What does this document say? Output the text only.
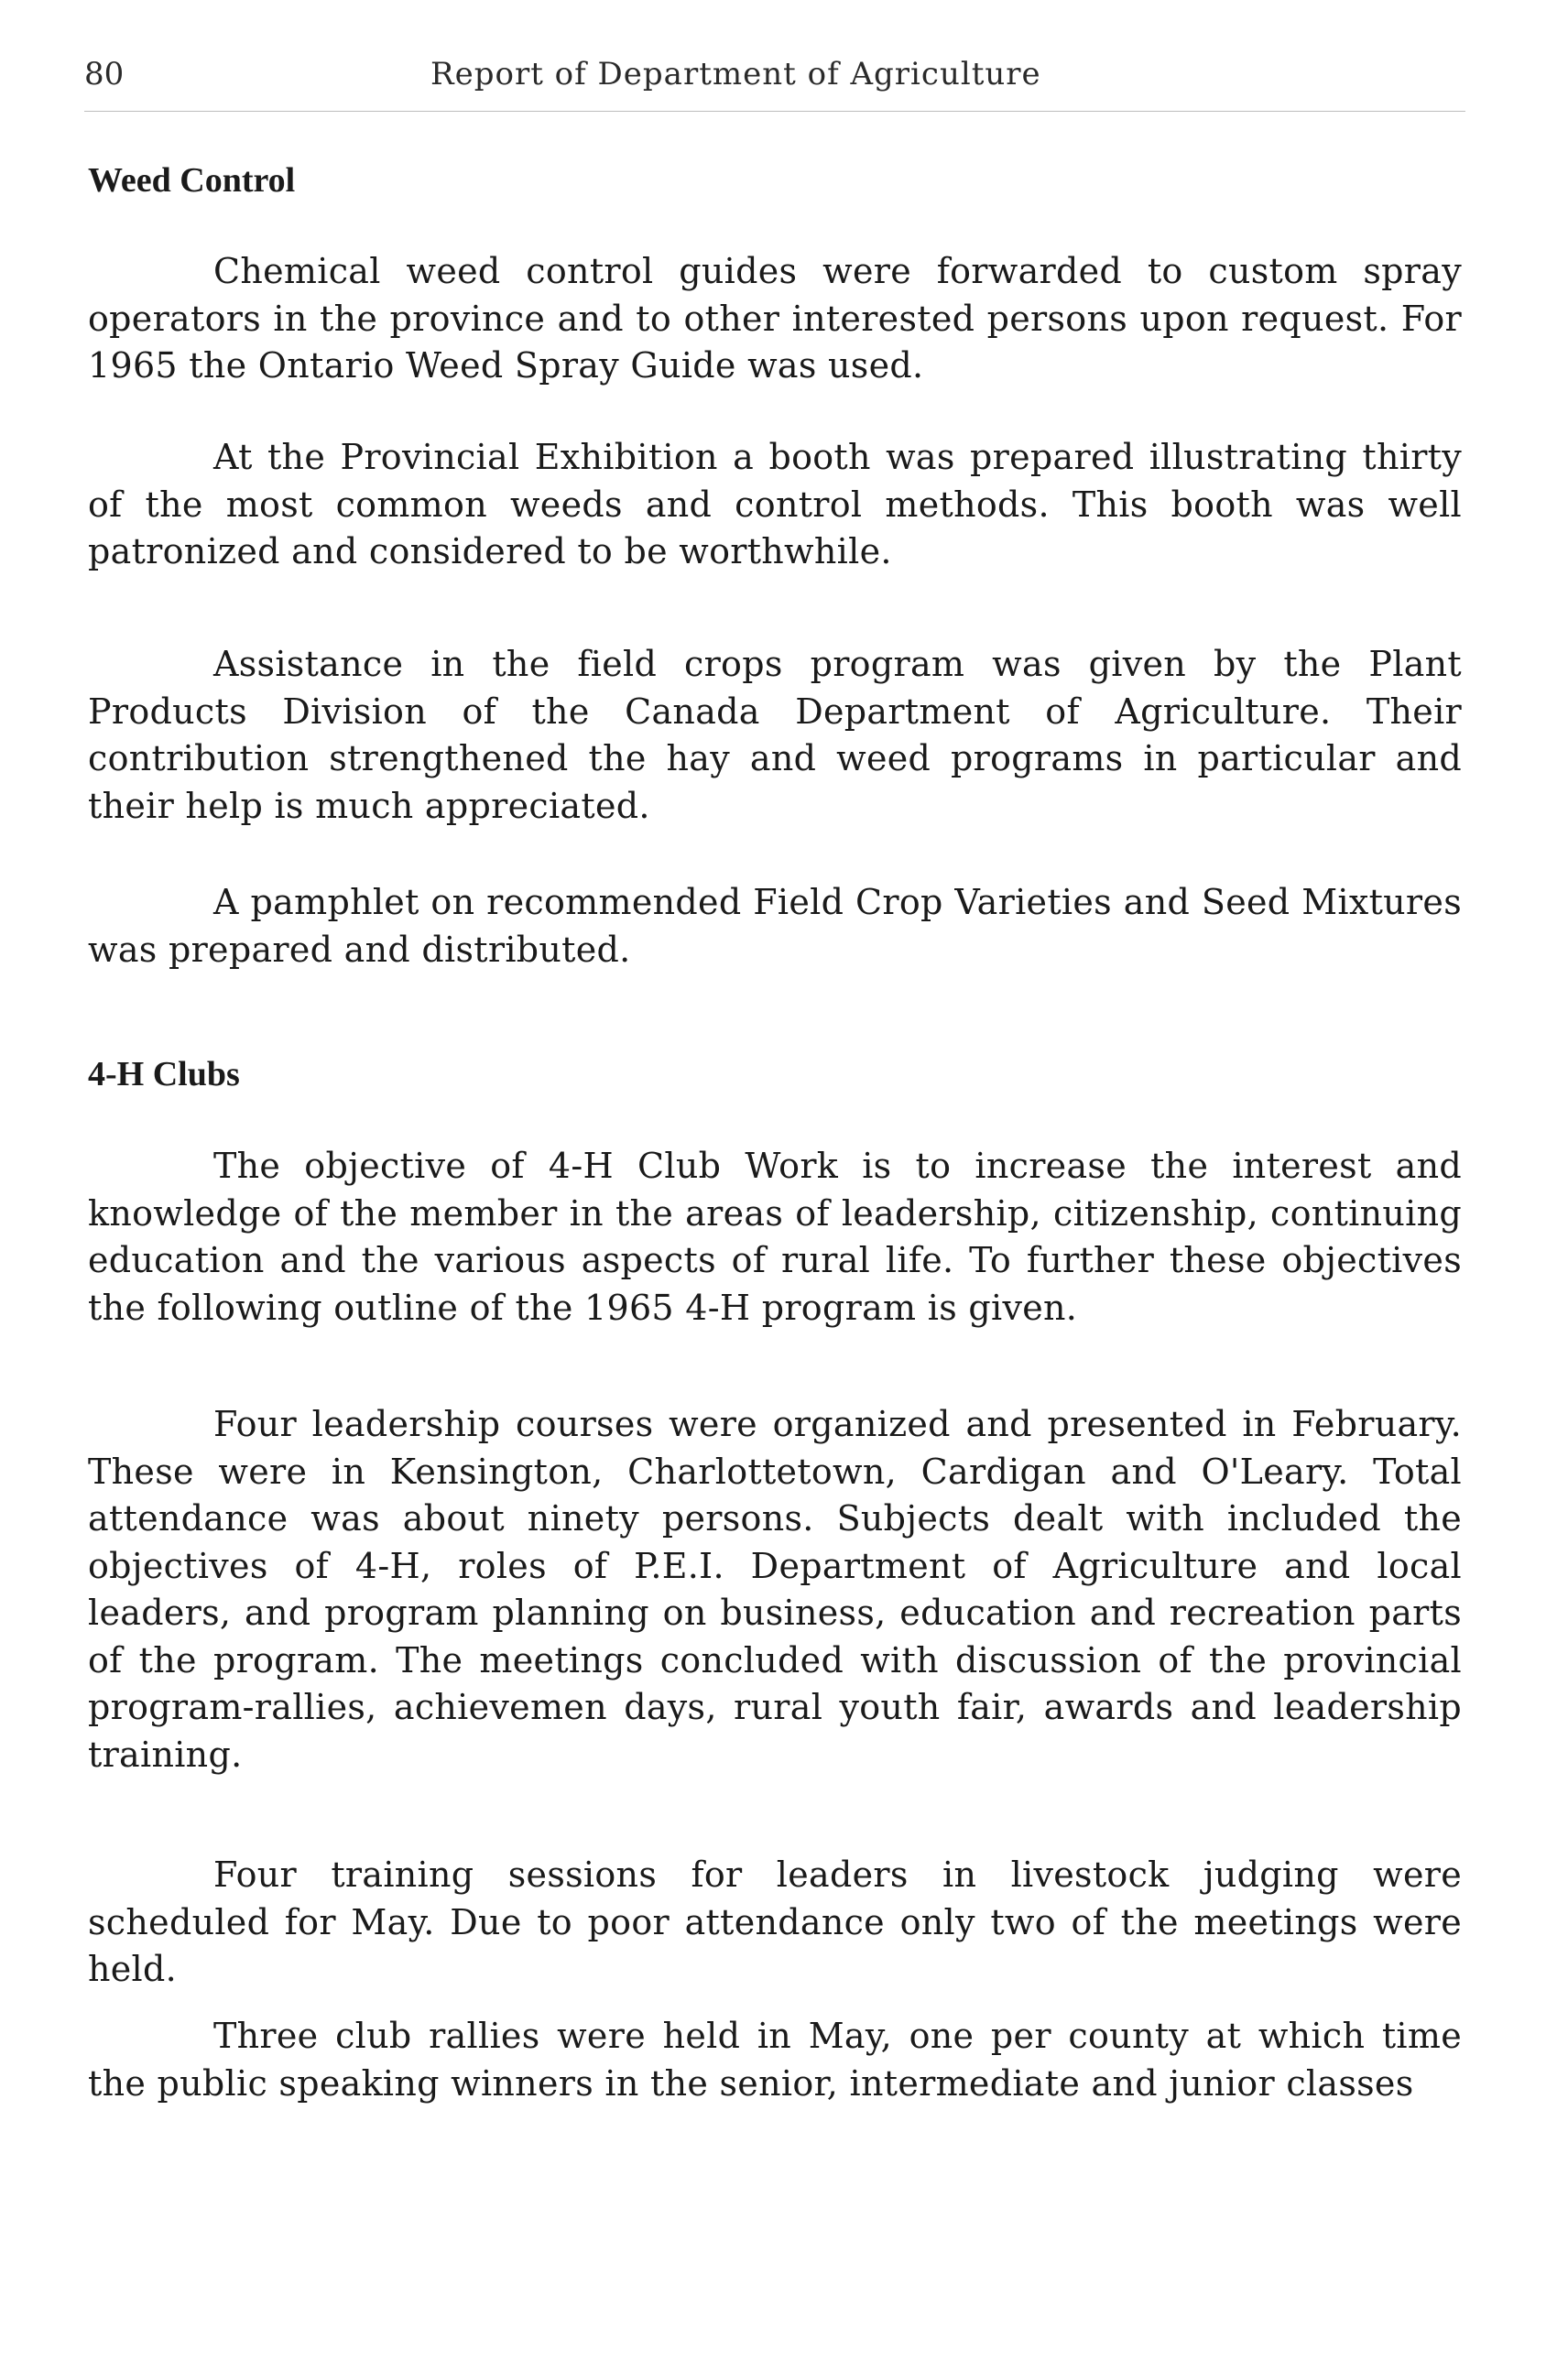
80	Report of Department of Agriculture
Weed Control

Chemical weed control guides were forwarded to custom spray operators in the province and to other interested persons upon request. For 1965 the Ontario Weed Spray Guide was used.

At the Provincial Exhibition a booth was prepared illustrating thirty of the most common weeds and control methods. This booth was well patronized and considered to be worthwhile.

Assistance in the field crops program was given by the Plant Products Division of the Canada Department of Agriculture. Their contribution strengthened the hay and weed programs in particular and their help is much appreciated.

A pamphlet on recommended Field Crop Varieties and Seed Mixtures was prepared and distributed.

4-H Clubs

The objective of 4-H Club Work is to increase the interest and knowledge of the member in the areas of leadership, citizenship, continuing education and the various aspects of rural life. To further these objectives the following outline of the 1965 4-H program is given.

Four leadership courses were organized and presented in February. These were in Kensington, Charlottetown, Cardigan and O'Leary. Total attendance was about ninety persons. Subjects dealt with included the objectives of 4-H, roles of P.E.I. Department of Agriculture and local leaders, and program planning on business, education and recreation parts of the program. The meetings concluded with discussion of the provincial program-rallies, achievemen days, rural youth fair, awards and leadership training.

Four training sessions for leaders in livestock judging were scheduled for May. Due to poor attendance only two of the meetings were held.

Three club rallies were held in May, one per county at which time the public speaking winners in the senior, intermediate and junior classes
